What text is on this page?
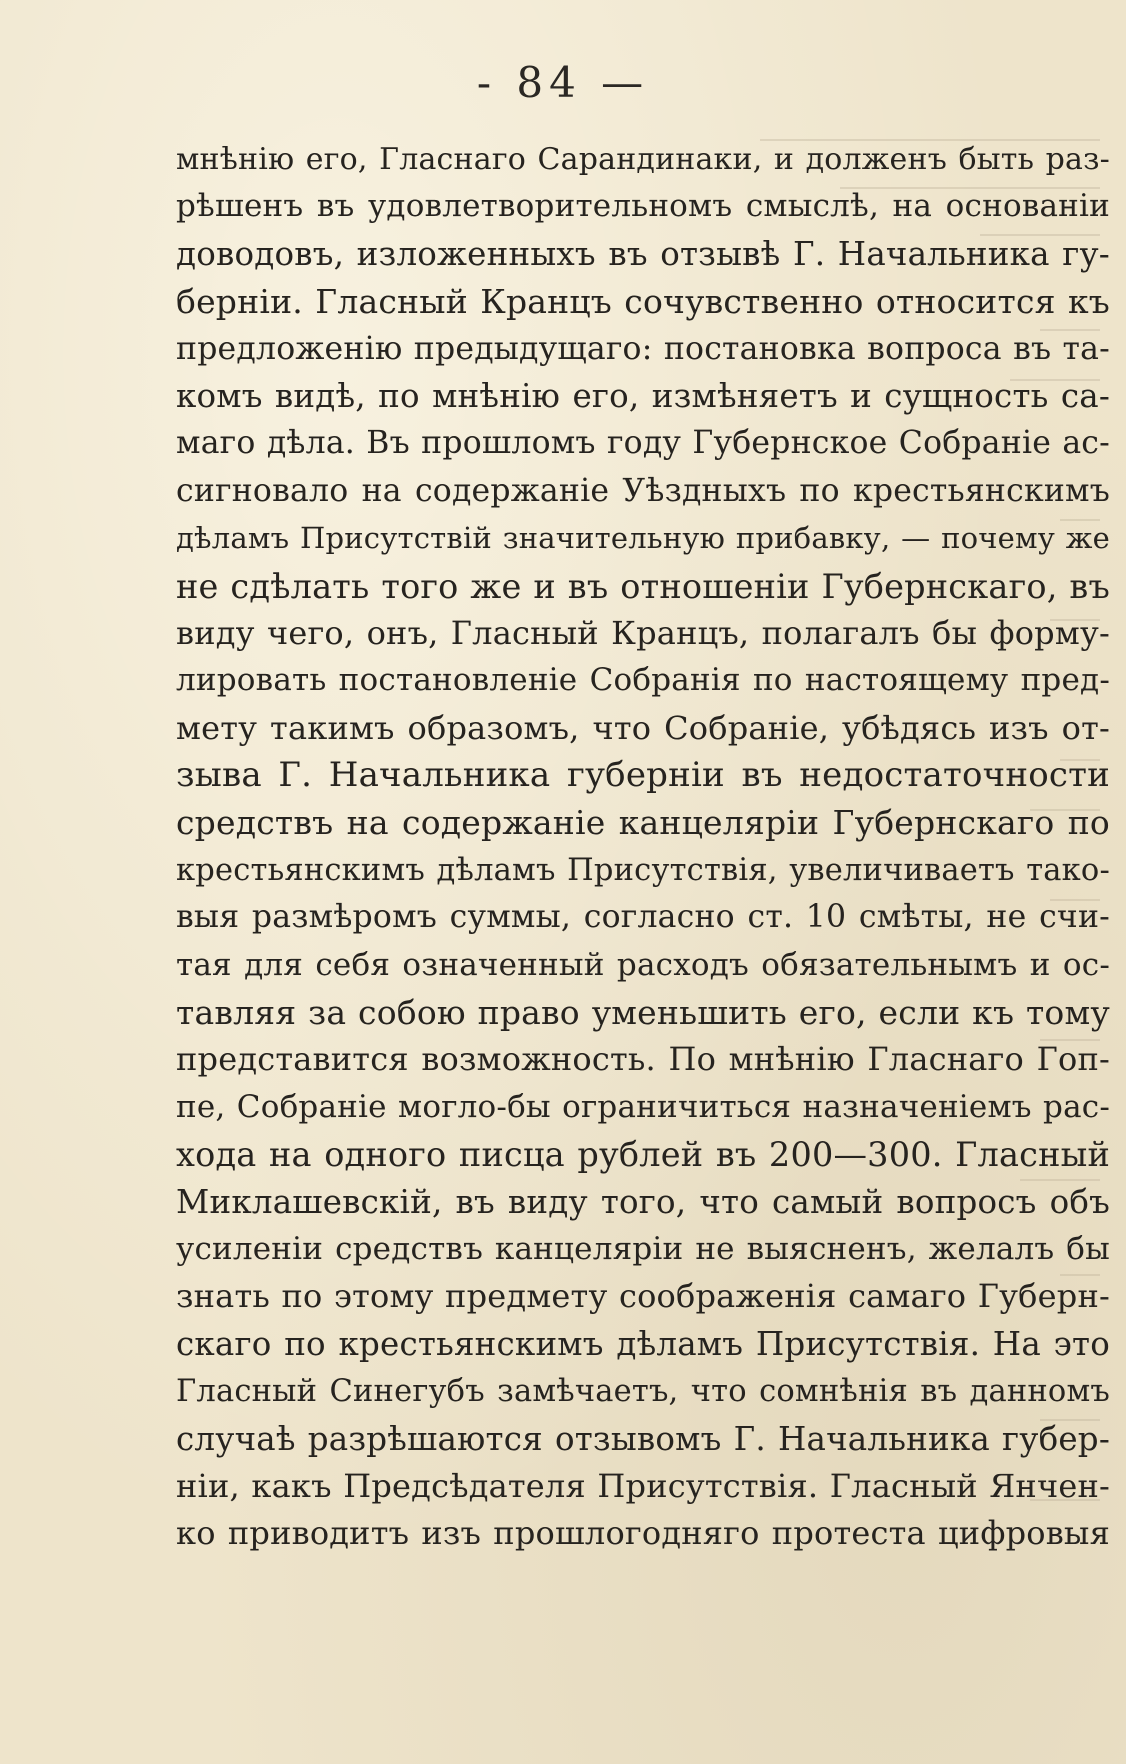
- 84 —
мнѣнію его, Гласнаго Сарандинаки, и долженъ быть раз-
рѣшенъ въ удовлетворительномъ смыслѣ, на основаніи
доводовъ, изложенныхъ въ отзывѣ Г. Начальника гу-
берніи. Гласный Кранцъ сочувственно относится къ
предложенію предыдущаго: постановка вопроса въ та-
комъ видѣ, по мнѣнію его, измѣняетъ и сущность са-
маго дѣла. Въ прошломъ году Губернское Собраніе ас-
сигновало на содержаніе Уѣздныхъ по крестьянскимъ
дѣламъ Присутствій значительную прибавку, — почему же
не сдѣлать того же и въ отношеніи Губернскаго, въ
виду чего, онъ, Гласный Кранцъ, полагалъ бы форму-
лировать постановленіе Собранія по настоящему пред-
мету такимъ образомъ, что Собраніе, убѣдясь изъ от-
зыва Г. Начальника губерніи въ недостаточности
средствъ на содержаніе канцеляріи Губернскаго по
крестьянскимъ дѣламъ Присутствія, увеличиваетъ тако-
выя размѣромъ суммы, согласно ст. 10 смѣты, не счи-
тая для себя означенный расходъ обязательнымъ и ос-
тавляя за собою право уменьшить его, если къ тому
представится возможность. По мнѣнію Гласнаго Гоп-
пе, Собраніе могло-бы ограничиться назначеніемъ рас-
хода на одного писца рублей въ 200—300. Гласный
Миклашевскій, въ виду того, что самый вопросъ объ
усиленіи средствъ канцеляріи не выясненъ, желалъ бы
знать по этому предмету соображенія самаго Губерн-
скаго по крестьянскимъ дѣламъ Присутствія. На это
Гласный Синегубъ замѣчаетъ, что сомнѣнія въ данномъ
случаѣ разрѣшаются отзывомъ Г. Начальника губер-
ніи, какъ Предсѣдателя Присутствія. Гласный Янчен-
ко приводитъ изъ прошлогодняго протеста цифровыя
